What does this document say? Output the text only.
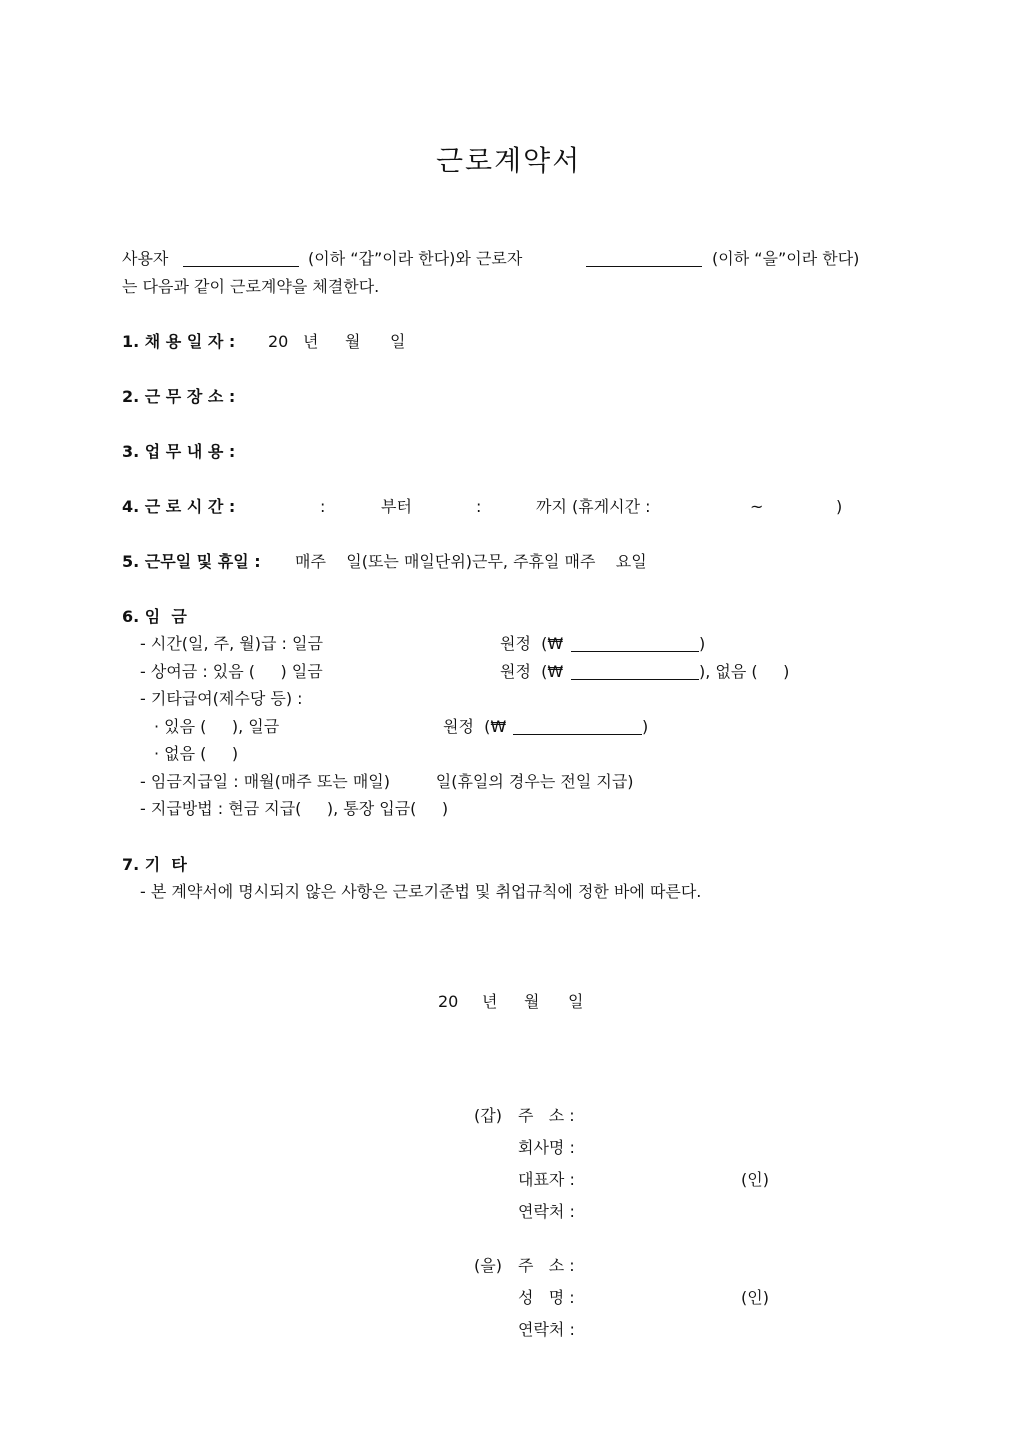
근로계약서
사용자	(이하 “갑”이라 한다)와 근로자	(이하 “을”이라 한다)
는 다음과 같이 근로계약을 체결한다.
1. 채 용 일 자 : 20 년 월 일
2. 근 무 장 소 :
3. 업 무 내 용 :
4. 근 로 시 간 :	:	부터	:	까지 (휴게시간 :	~	)
5. 근무일 및 휴일 : 매주    일(또는 매일단위)근무, 주휴일 매주    요일
6. 임  금
- 시간(일, 주, 월)급 : 일금	원정  (₩	)
- 상여금 : 있음 (     ) 일금	원정  (₩	), 없음 (     )
- 기타급여(제수당 등) :
· 있음 (     ), 일금	원정  (₩	)
· 없음 (     )
- 임금지급일 : 매월(매주 또는 매일)         일(휴일의 경우는 전일 지급)
- 지급방법 : 현금 지급(     ), 통장 입금(     )
7. 기  타
- 본 계약서에 명시되지 않은 사항은 근로기준법 및 취업규칙에 정한 바에 따른다.
20 년 월 일
(갑) 주   소 :
회사명 :
대표자 :	(인)
연락처 :
(을) 주   소 :
성   명 :	(인)
연락처 :
